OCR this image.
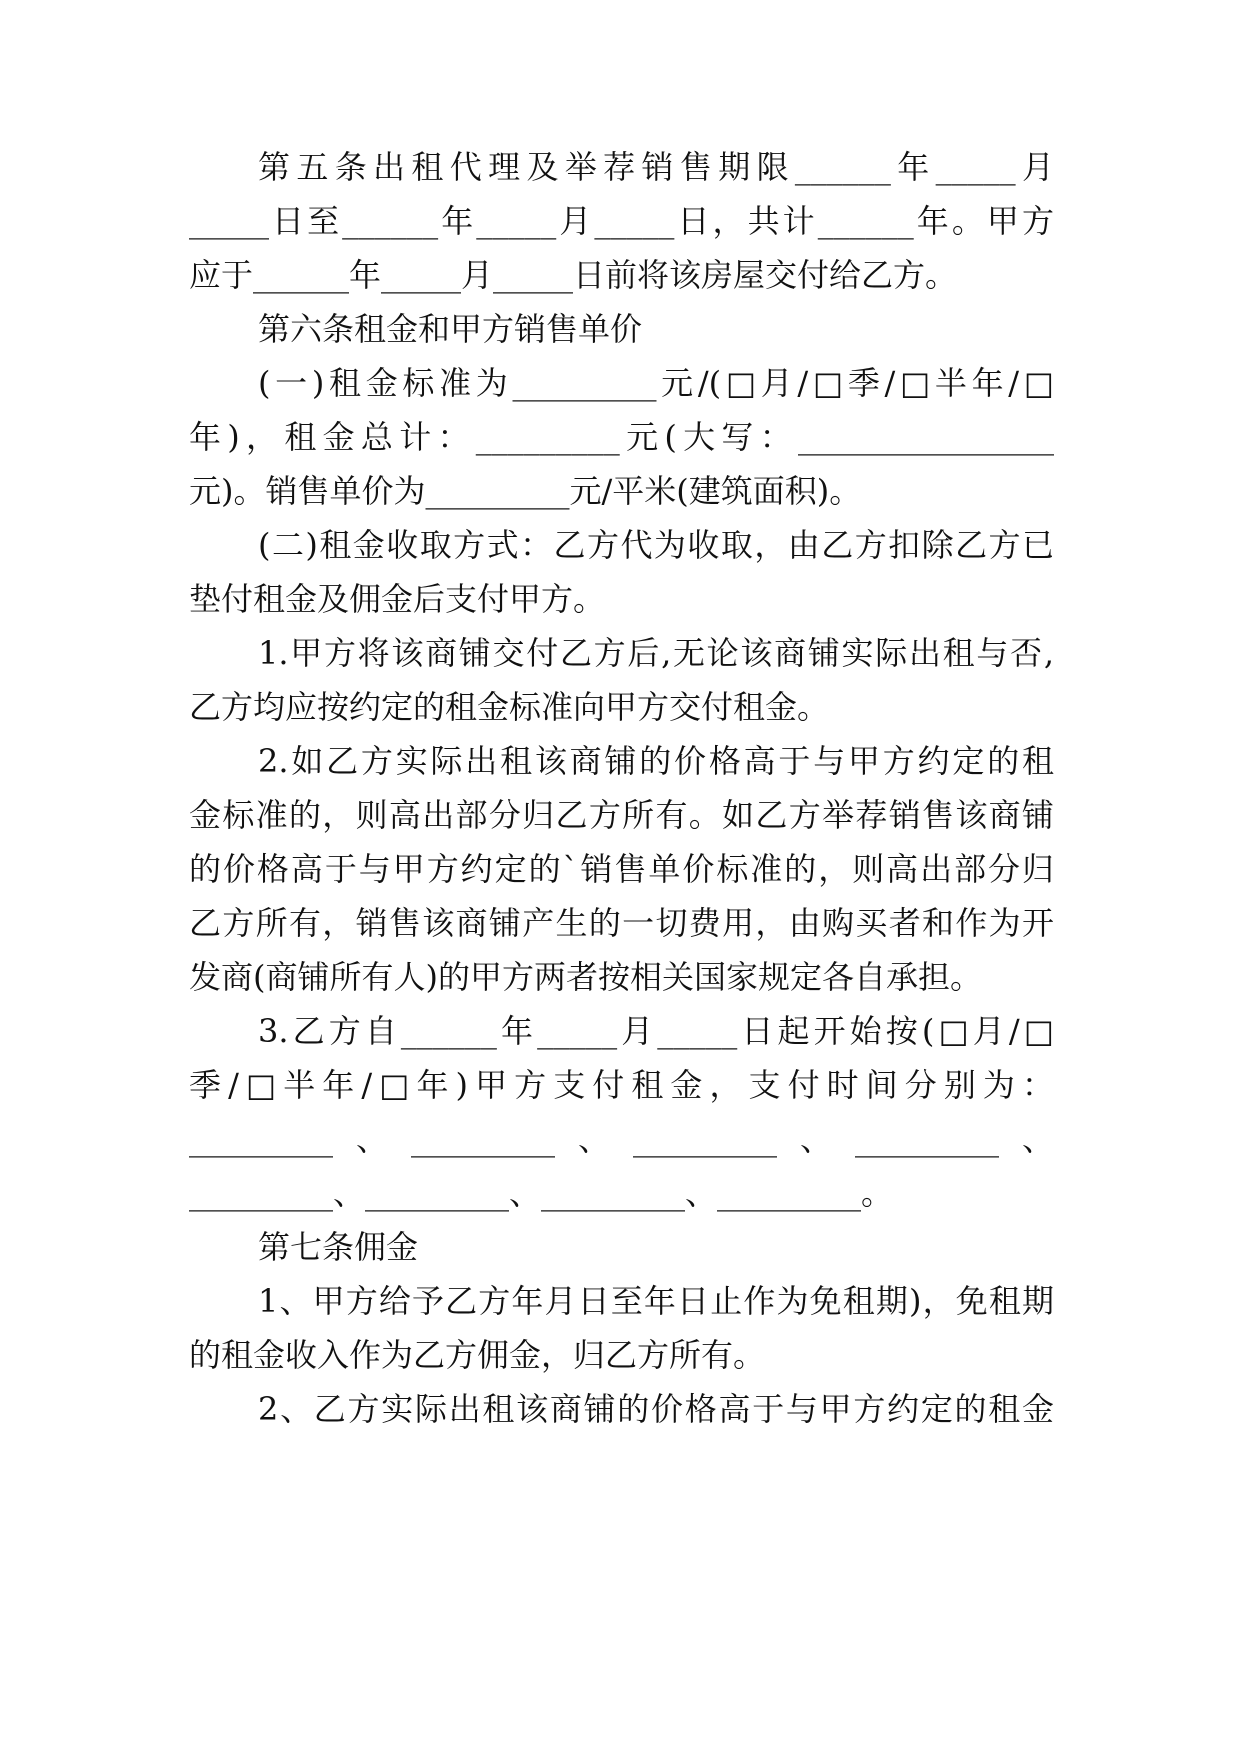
第五条出租代理及举荐销售期限______年_____月
_____日至______年_____月_____日，共计______年。甲方
应于______年_____月_____日前将该房屋交付给乙方。
第六条租金和甲方销售单价
(一)租金标准为_________元/(□月/□季/□半年/□
年)，租金总计：_________元(大写：________________
元)。销售单价为_________元/平米(建筑面积)。
(二)租金收取方式：乙方代为收取，由乙方扣除乙方已
垫付租金及佣金后支付甲方。
1.甲方将该商铺交付乙方后,无论该商铺实际出租与否,
乙方均应按约定的租金标准向甲方交付租金。
2.如乙方实际出租该商铺的价格高于与甲方约定的租
金标准的，则高出部分归乙方所有。如乙方举荐销售该商铺
的价格高于与甲方约定的`销售单价标准的，则高出部分归
乙方所有，销售该商铺产生的一切费用，由购买者和作为开
发商(商铺所有人)的甲方两者按相关国家规定各自承担。
3.乙方自______年_____月_____日起开始按(□月/□
季/□半年/□年)甲方支付租金，支付时间分别为：
_________、_________、_________、_________、
_________、_________、_________、_________。
第七条佣金
1、甲方给予乙方年月日至年日止作为免租期)，免租期
的租金收入作为乙方佣金，归乙方所有。
2、乙方实际出租该商铺的价格高于与甲方约定的租金
